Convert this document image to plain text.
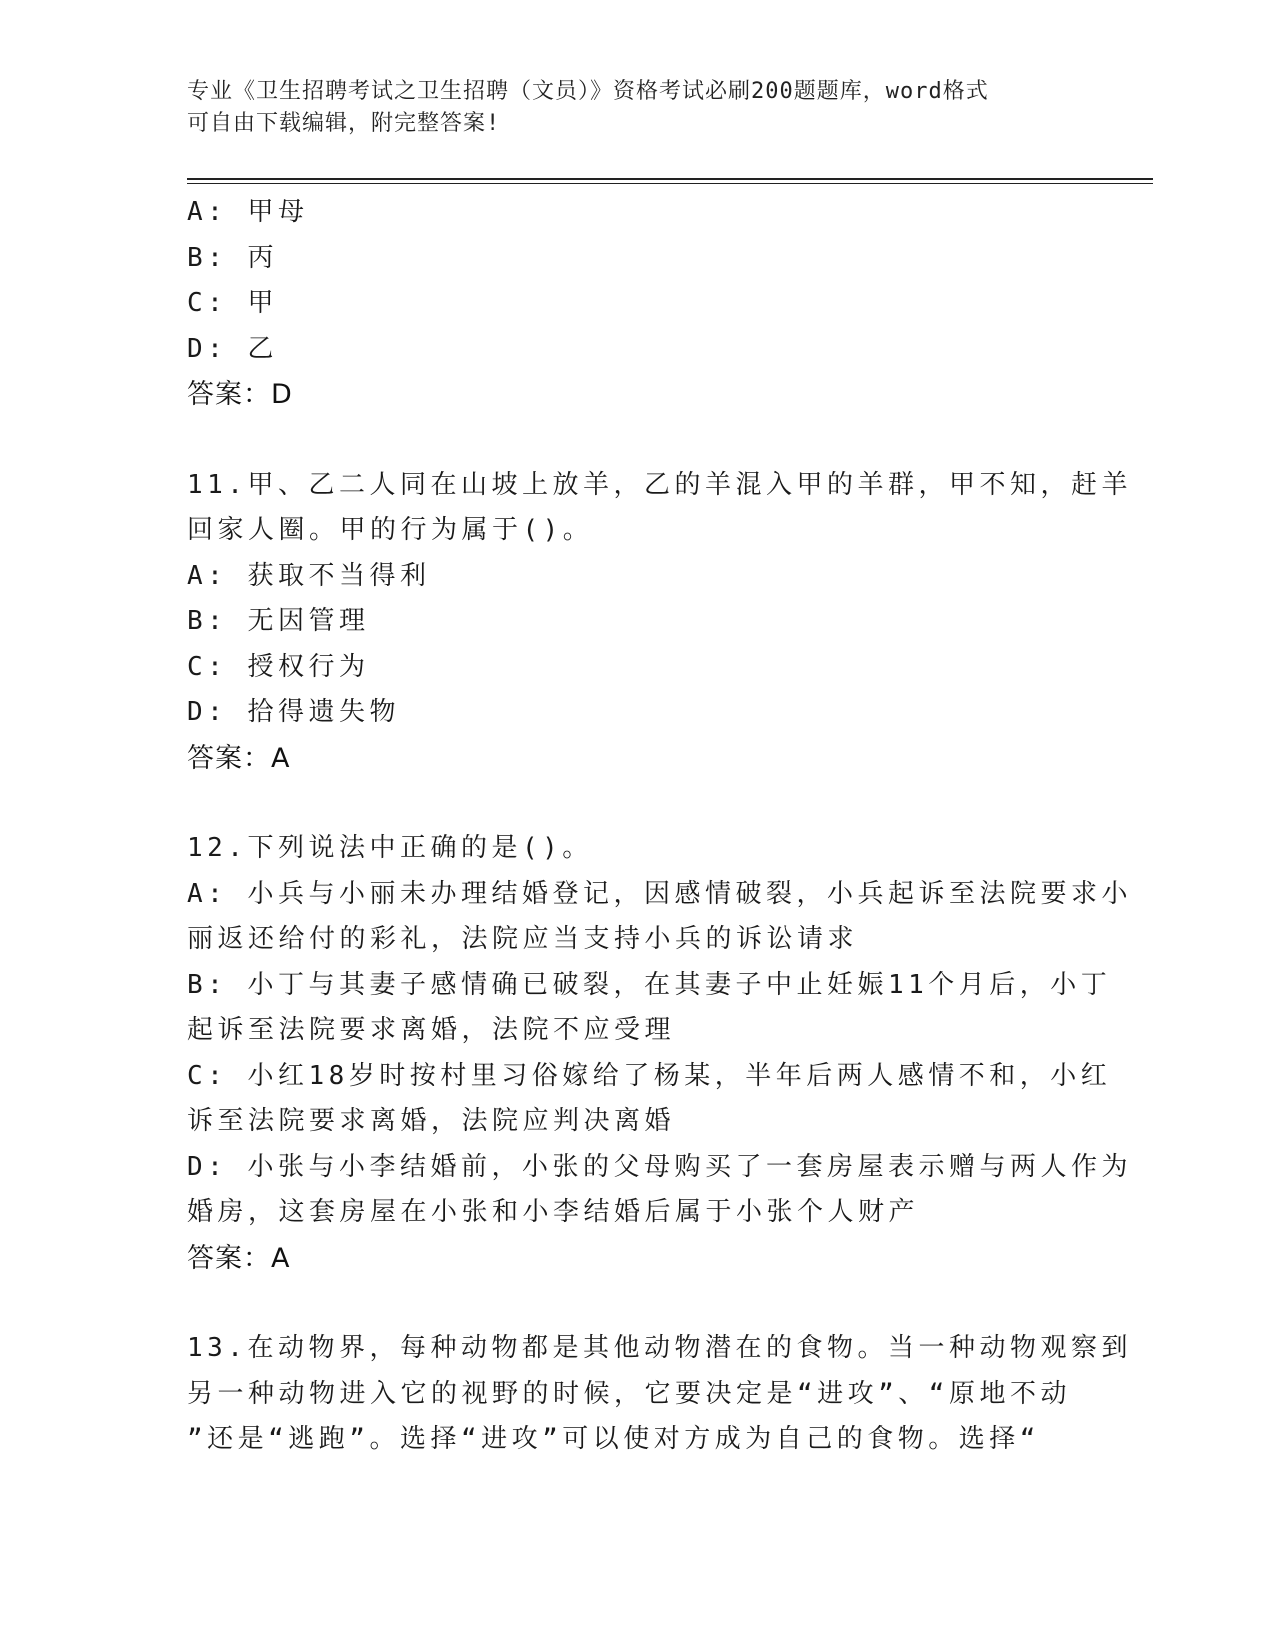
专业《卫生招聘考试之卫生招聘（文员）》资格考试必刷200题题库，word格式
可自由下载编辑，附完整答案!
A: 甲母
B: 丙
C: 甲
D: 乙
答案：D
11.甲、乙二人同在山坡上放羊，乙的羊混入甲的羊群，甲不知，赶羊
回家人圈。甲的行为属于()。
A: 获取不当得利
B: 无因管理
C: 授权行为
D: 拾得遗失物
答案：A
12.下列说法中正确的是()。
A: 小兵与小丽未办理结婚登记，因感情破裂，小兵起诉至法院要求小
丽返还给付的彩礼，法院应当支持小兵的诉讼请求
B: 小丁与其妻子感情确已破裂，在其妻子中止妊娠11个月后，小丁
起诉至法院要求离婚，法院不应受理
C: 小红18岁时按村里习俗嫁给了杨某，半年后两人感情不和，小红
诉至法院要求离婚，法院应判决离婚
D: 小张与小李结婚前，小张的父母购买了一套房屋表示赠与两人作为
婚房，这套房屋在小张和小李结婚后属于小张个人财产
答案：A
13.在动物界，每种动物都是其他动物潜在的食物。当一种动物观察到
另一种动物进入它的视野的时候，它要决定是“进攻”、“原地不动
”还是“逃跑”。选择“进攻”可以使对方成为自己的食物。选择“
